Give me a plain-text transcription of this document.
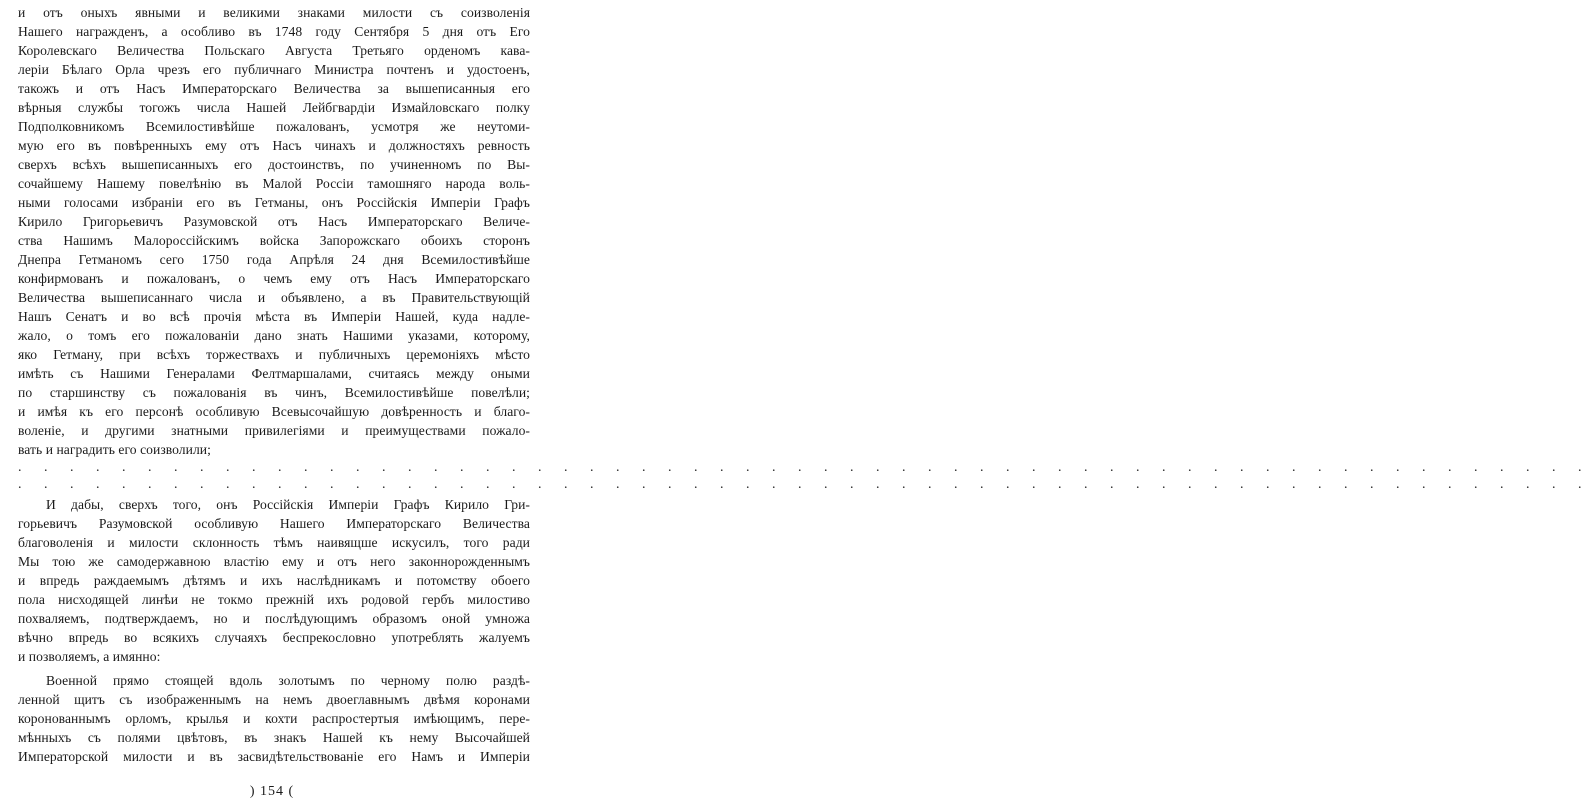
и отъ оныхъ явными и великими знаками милости съ соизволенія
Нашего награжденъ, а особливо въ 1748 году Сентября 5 дня отъ Его
Королевскаго Величества Польскаго Августа Третьяго орденомъ кава-
леріи Бѣлаго Орла чрезъ его публичнаго Министра почтенъ и удостоенъ,
такожъ и отъ Насъ Императорскаго Величества за вышеписанныя его
вѣрныя службы тогожъ числа Нашей Лейбгвардіи Измайловскаго полку
Подполковникомъ Всемилостивѣйше пожалованъ, усмотря же неутоми-
мую его въ повѣренныхъ ему отъ Насъ чинахъ и должностяхъ ревность
сверхъ всѣхъ вышеписанныхъ его достоинствъ, по учиненномъ по Вы-
сочайшему Нашему повелѣнію въ Малой Россіи тамошняго народа воль-
ными голосами избраніи его въ Гетманы, онъ Россійскія Имперіи Графъ
Кирило Григорьевичъ Разумовской отъ Насъ Императорскаго Величе-
ства Нашимъ Малороссійскимъ войска Запорожскаго обоихъ сторонъ
Днепра Гетманомъ сего 1750 года Апрѣля 24 дня Всемилостивѣйше
конфирмованъ и пожалованъ, о чемъ ему отъ Насъ Императорскаго
Величества вышеписаннаго числа и объявлено, а въ Правительствующій
Нашъ Сенатъ и во всѣ прочія мѣста въ Имперіи Нашей, куда надле-
жало, о томъ его пожалованіи дано знать Нашими указами, которому,
яко Гетману, при всѣхъ торжествахъ и публичныхъ церемоніяхъ мѣсто
имѣть съ Нашими Генералами Фелтмаршалами, считаясь между оными
по старшинству съ пожалованія въ чинъ, Всемилостивѣйше повелѣли;
и имѣя къ его персонѣ особливую Всевысочайшую довѣренность и благо-
воленіе, и другими знатными привилегіями и преимуществами пожало-
вать и наградить его соизволили;
. . . . . . . . . . . . . . . . . . . . . . . . . . . . . . . . . . . . . . . . . . . . . . . . . . . . . . . . . . . . .
. . . . . . . . . . . . . . . . . . . . . . . . . . . . . . . . . . . . . . . . . . . . . . . . . . . . . . . . . . . . .
И дабы, сверхъ того, онъ Россійскія Имперіи Графъ Кирило Гри-
горьевичъ Разумовской особливую Нашего Императорскаго Величества
благоволенія и милости склонность тѣмъ наивящше искусилъ, того ради
Мы тою же самодержавною властію ему и отъ него законнорожденнымъ
и впредь раждаемымъ дѣтямъ и ихъ наслѣдникамъ и потомству обоего
пола нисходящей линѣи не токмо прежній ихъ родовой гербъ милостиво
похваляемъ, подтверждаемъ, но и послѣдующимъ образомъ оной умножа
вѣчно впредь во всякихъ случаяхъ беспрекословно употреблять жалуемъ
и позволяемъ, а имянно:
Военной прямо стоящей вдоль золотымъ по черному полю раздѣ-
ленной щитъ съ изображеннымъ на немъ двоеглавнымъ двѣмя коронами
коронованнымъ орломъ, крылья и кохти распростертыя имѣющимъ, пере-
мѣнныхъ съ полями цвѣтовъ, въ знакъ Нашей къ нему Высочайшей
Императорской милости и въ засвидѣтельствованіе его Намъ и Имперіи
) 154 (
